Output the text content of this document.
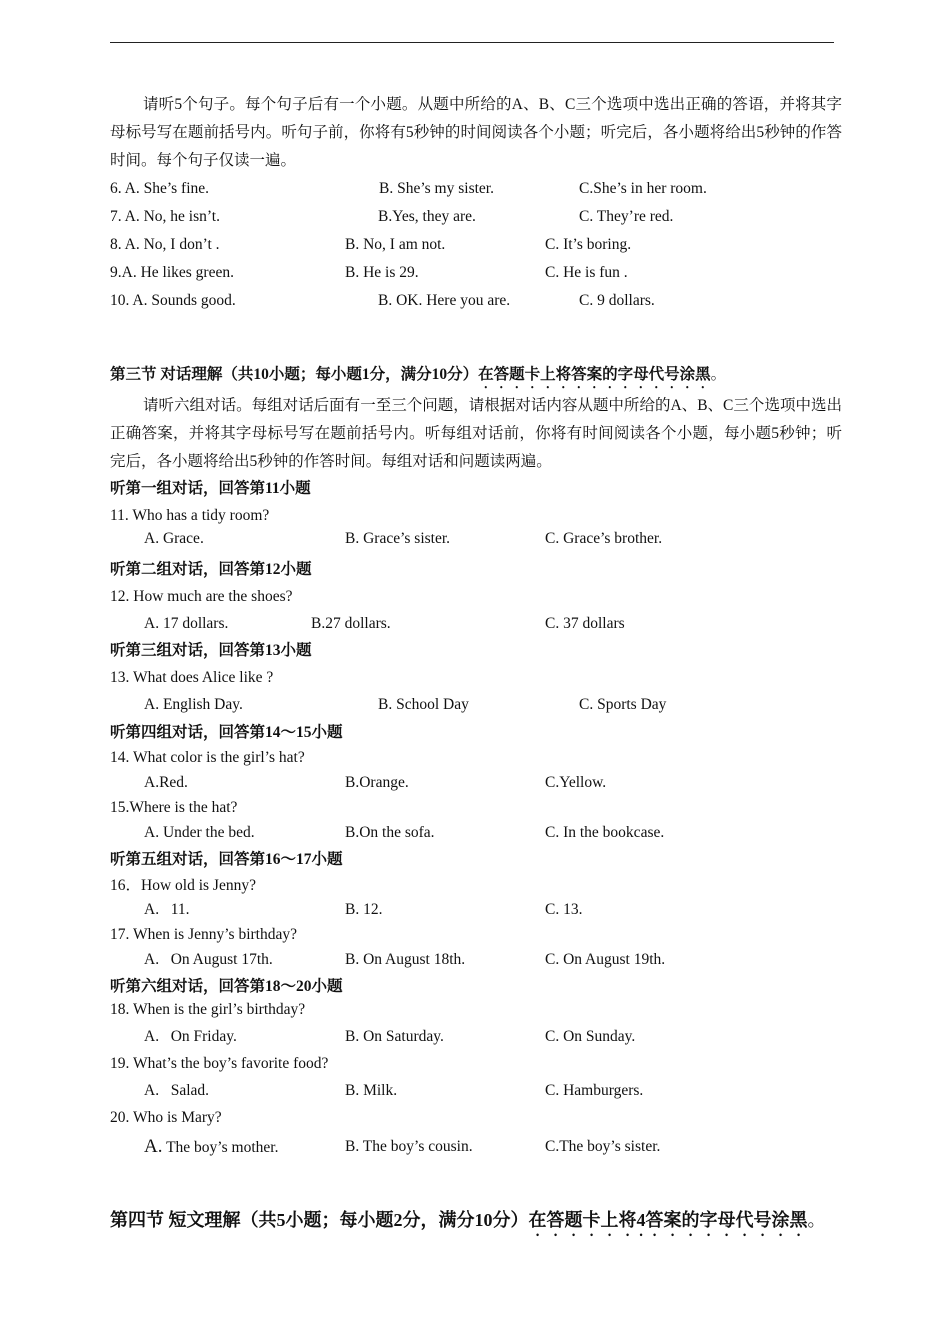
请听5个句子。每个句子后有一个小题。从题中所给的A、B、C三个选项中选出正确的答语，并将其字母标号写在题前括号内。听句子前，你将有5秒钟的时间阅读各个小题；听完后，各小题将给出5秒钟的作答时间。每个句子仅读一遍。
6. A. She’s fine.	B. She’s my sister.	C.She’s in her room.
7. A. No, he isn’t.	B.Yes, they are.	C. They’re red.
8. A. No, I don’t .	B. No, I am not.	C. It’s boring.
9.A. He likes green.	B. He is 29.	C. He is fun .
10. A. Sounds good.	B. OK. Here you are.	C. 9 dollars.
第三节 对话理解（共10小题；每小题1分，满分10分）在答题卡上将答案的字母代号涂黑。
请听六组对话。每组对话后面有一至三个问题，请根据对话内容从题中所给的A、B、C三个选项中选出正确答案，并将其字母标号写在题前括号内。听每组对话前，你将有时间阅读各个小题，每小题5秒钟；听完后，各小题将给出5秒钟的作答时间。每组对话和问题读两遍。
听第一组对话，回答第11小题
11. Who has a tidy room?
A. Grace.	B. Grace’s sister.	C. Grace’s brother.
听第二组对话，回答第12小题
12. How much are the shoes?
A. 17 dollars.	B.27 dollars.	C. 37 dollars
听第三组对话，回答第13小题
13. What does Alice like ?
A. English Day.	B. School Day	C. Sports Day
听第四组对话，回答第14～15小题
14. What color is the girl’s hat?
A.Red.	B.Orange.	C.Yellow.
15.Where is the hat?
A. Under the bed.	B.On the sofa.	C. In the bookcase.
听第五组对话，回答第16～17小题
16．How old is Jenny?
A.   11.	B. 12.	C. 13.
17. When is Jenny’s birthday?
A.   On August 17th.	B. On August 18th.	C. On August 19th.
听第六组对话，回答第18～20小题
18. When is the girl’s birthday?
A.   On Friday.	B. On Saturday.	C. On Sunday.
19. What’s the boy’s favorite food?
A.   Salad.	B. Milk.	C. Hamburgers.
20. Who is Mary?
A. The boy’s mother.	B. The boy’s cousin.	C.The boy’s sister.
第四节 短文理解（共5小题；每小题2分，满分10分）在答题卡上将4答案的字母代号涂黑。
